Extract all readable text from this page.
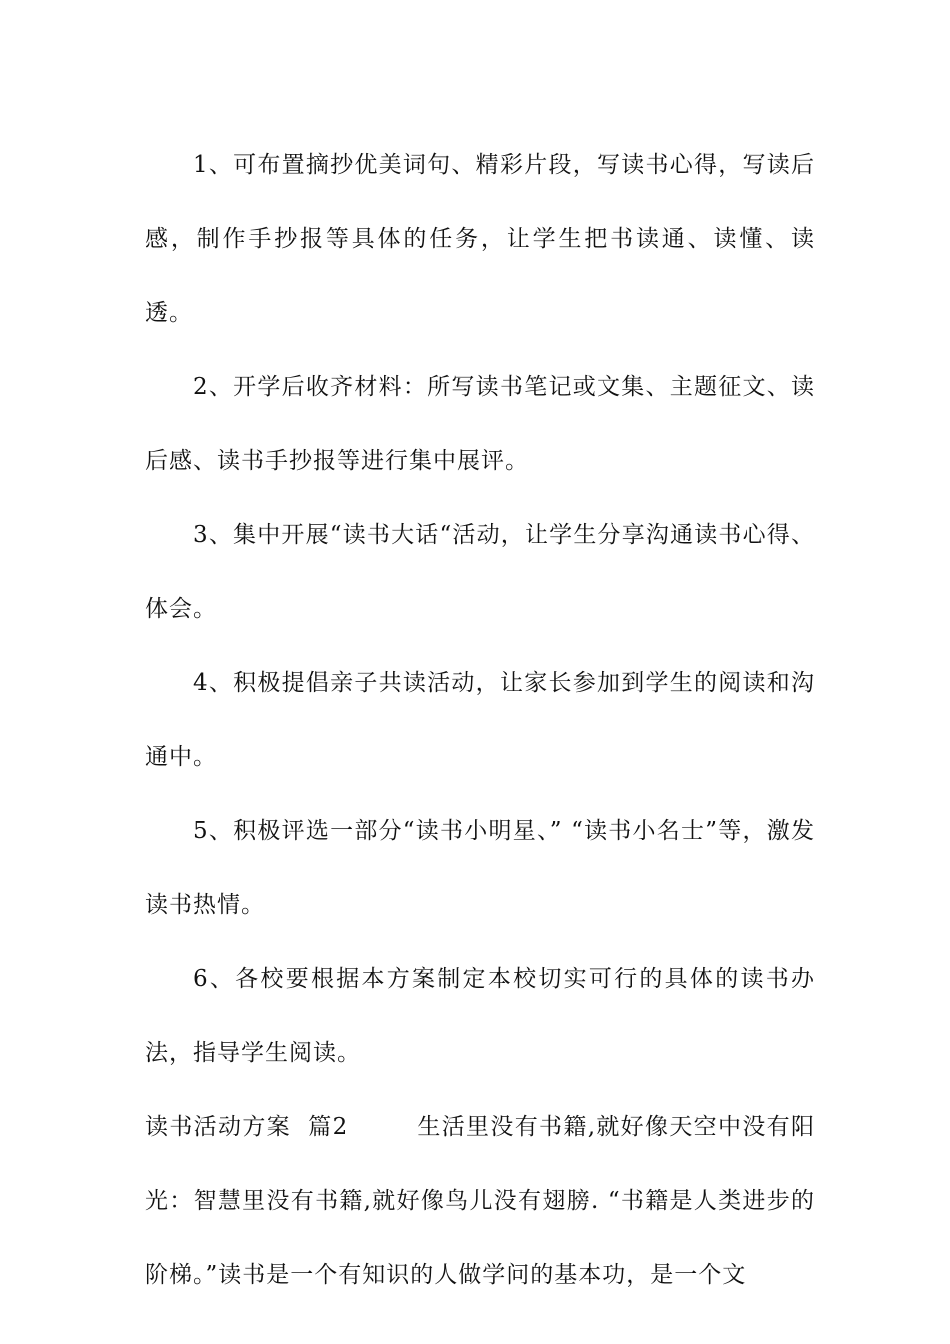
1、可布置摘抄优美词句、精彩片段，写读书心得，写读后感，制作手抄报等具体的任务，让学生把书读通、读懂、读透。

2、开学后收齐材料：所写读书笔记或文集、主题征文、读后感、读书手抄报等进行集中展评。

3、集中开展“读书大话“活动，让学生分享沟通读书心得、体会。

4、积极提倡亲子共读活动，让家长参加到学生的阅读和沟通中。

5、积极评选一部分“读书小明星、” “读书小名士”等，激发读书热情。

6、各校要根据本方案制定本校切实可行的具体的读书办法，指导学生阅读。

读书活动方案  篇2	生活里没有书籍,就好像天空中没有阳光：智慧里没有书籍,就好像鸟儿没有翅膀. “书籍是人类进步的阶梯。”读书是一个有知识的人做学问的基本功，是一个文
